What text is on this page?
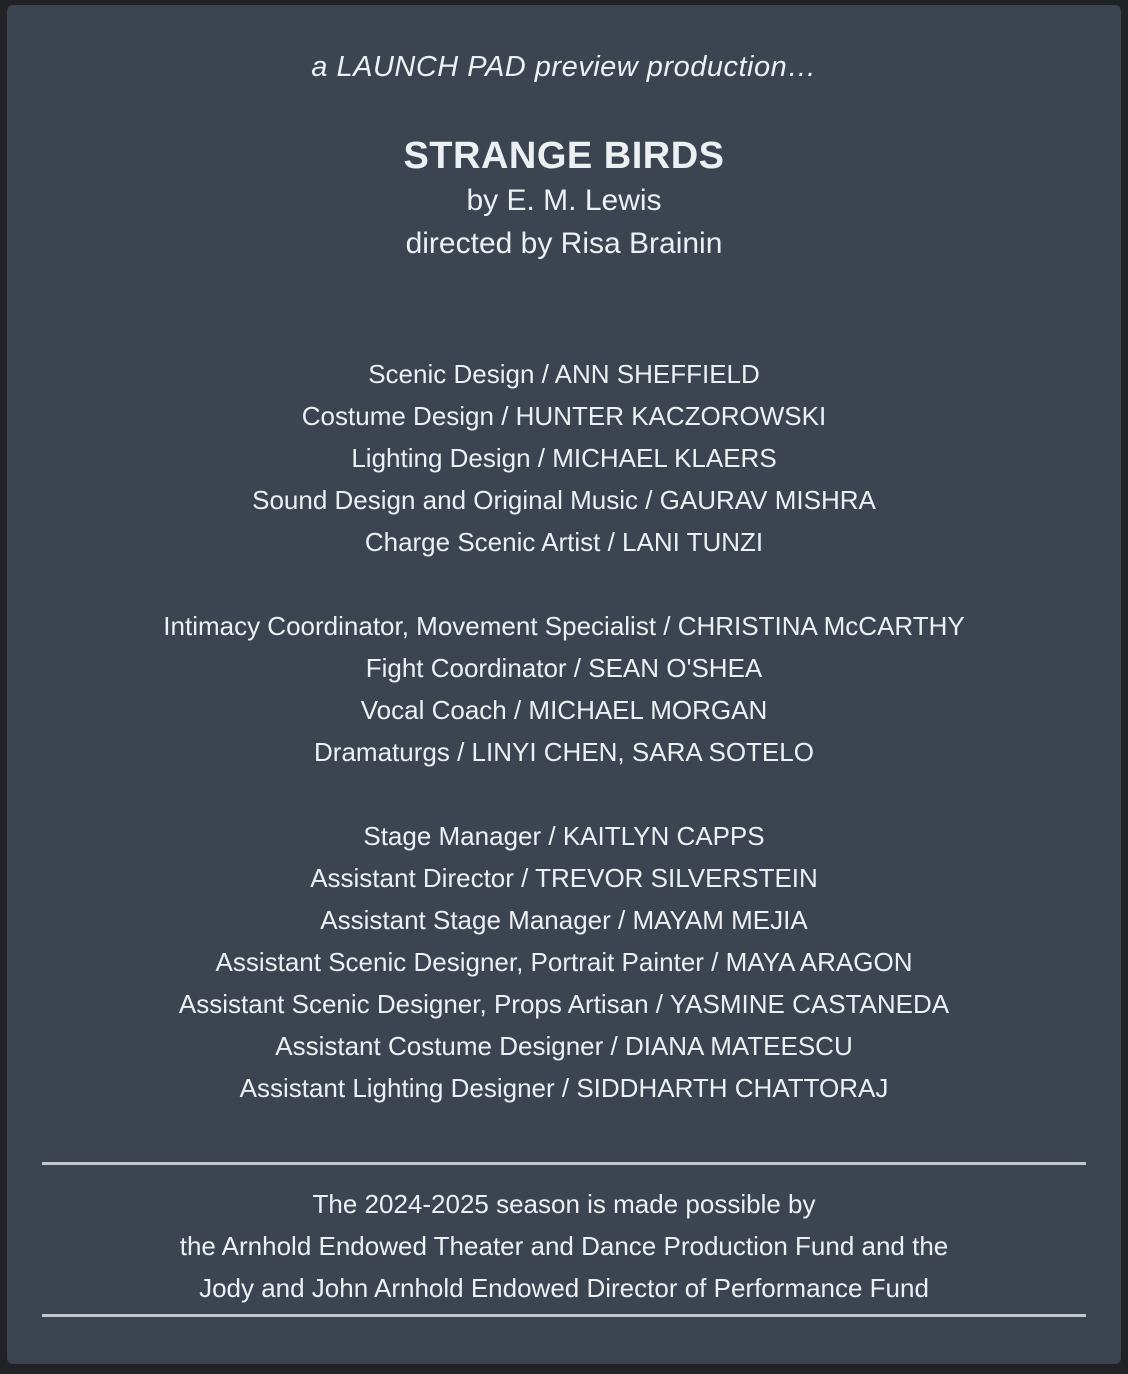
a LAUNCH PAD preview production…

STRANGE BIRDS

by E. M. Lewis

directed by Risa Brainin

Scenic Design / ANN SHEFFIELD
Costume Design / HUNTER KACZOROWSKI
Lighting Design / MICHAEL KLAERS
Sound Design and Original Music / GAURAV MISHRA
Charge Scenic Artist / LANI TUNZI
Intimacy Coordinator, Movement Specialist / CHRISTINA McCARTHY
Fight Coordinator / SEAN O'SHEA
Vocal Coach / MICHAEL MORGAN
Dramaturgs / LINYI CHEN, SARA SOTELO
Stage Manager / KAITLYN CAPPS
Assistant Director / TREVOR SILVERSTEIN
Assistant Stage Manager / MAYAM MEJIA
Assistant Scenic Designer, Portrait Painter / MAYA ARAGON
Assistant Scenic Designer, Props Artisan / YASMINE CASTANEDA
Assistant Costume Designer / DIANA MATEESCU
Assistant Lighting Designer / SIDDHARTH CHATTORAJ
The 2024-2025 season is made possible by
the Arnhold Endowed Theater and Dance Production Fund and the
Jody and John Arnhold Endowed Director of Performance Fund
